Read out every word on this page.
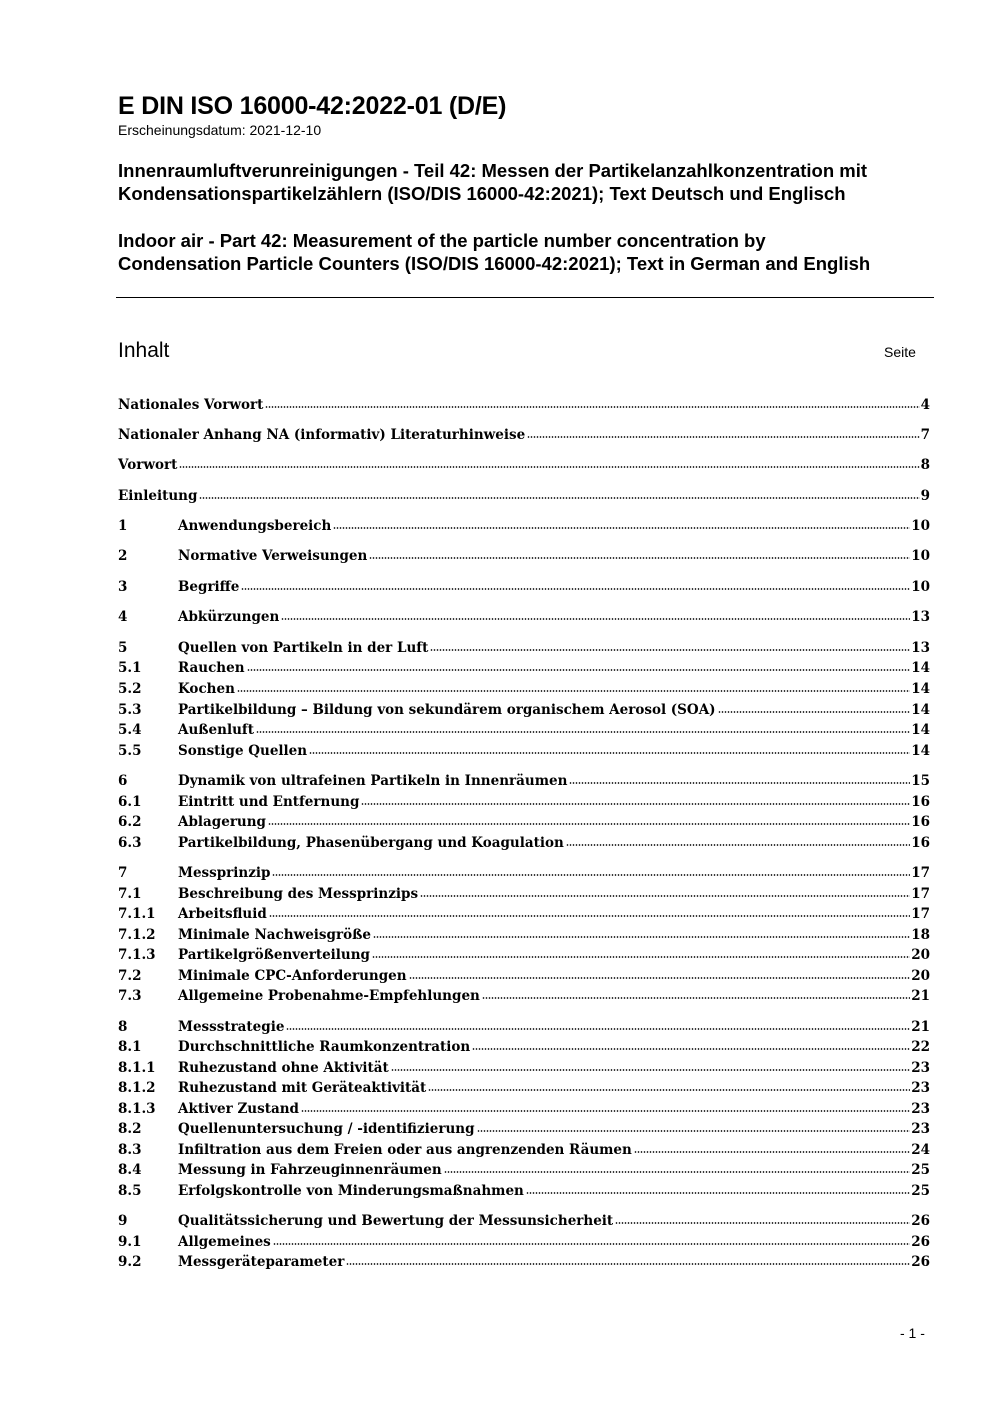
E DIN ISO 16000-42:2022-01 (D/E)
Erscheinungsdatum: 2021-12-10
Innenraumluftverunreinigungen - Teil 42: Messen der Partikelanzahlkonzentration mit Kondensationspartikelzählern (ISO/DIS 16000-42:2021); Text Deutsch und Englisch
Indoor air - Part 42: Measurement of the particle number concentration by Condensation Particle Counters (ISO/DIS 16000-42:2021); Text in German and English
Inhalt	Seite
Nationales Vorwort	4
Nationaler Anhang NA (informativ) Literaturhinweise	7
Vorwort	8
Einleitung	9
1	Anwendungsbereich	10
2	Normative Verweisungen	10
3	Begriffe	10
4	Abkürzungen	13
5	Quellen von Partikeln in der Luft	13
5.1	Rauchen	14
5.2	Kochen	14
5.3	Partikelbildung – Bildung von sekundärem organischem Aerosol (SOA)	14
5.4	Außenluft	14
5.5	Sonstige Quellen	14
6	Dynamik von ultrafeinen Partikeln in Innenräumen	15
6.1	Eintritt und Entfernung	16
6.2	Ablagerung	16
6.3	Partikelbildung, Phasenübergang und Koagulation	16
7	Messprinzip	17
7.1	Beschreibung des Messprinzips	17
7.1.1	Arbeitsfluid	17
7.1.2	Minimale Nachweisgröße	18
7.1.3	Partikelgrößenverteilung	20
7.2	Minimale CPC-Anforderungen	20
7.3	Allgemeine Probenahme-Empfehlungen	21
8	Messstrategie	21
8.1	Durchschnittliche Raumkonzentration	22
8.1.1	Ruhezustand ohne Aktivität	23
8.1.2	Ruhezustand mit Geräteaktivität	23
8.1.3	Aktiver Zustand	23
8.2	Quellenuntersuchung / -identifizierung	23
8.3	Infiltration aus dem Freien oder aus angrenzenden Räumen	24
8.4	Messung in Fahrzeuginnenräumen	25
8.5	Erfolgskontrolle von Minderungsmaßnahmen	25
9	Qualitätssicherung und Bewertung der Messunsicherheit	26
9.1	Allgemeines	26
9.2	Messgeräteparameter	26
- 1 -
